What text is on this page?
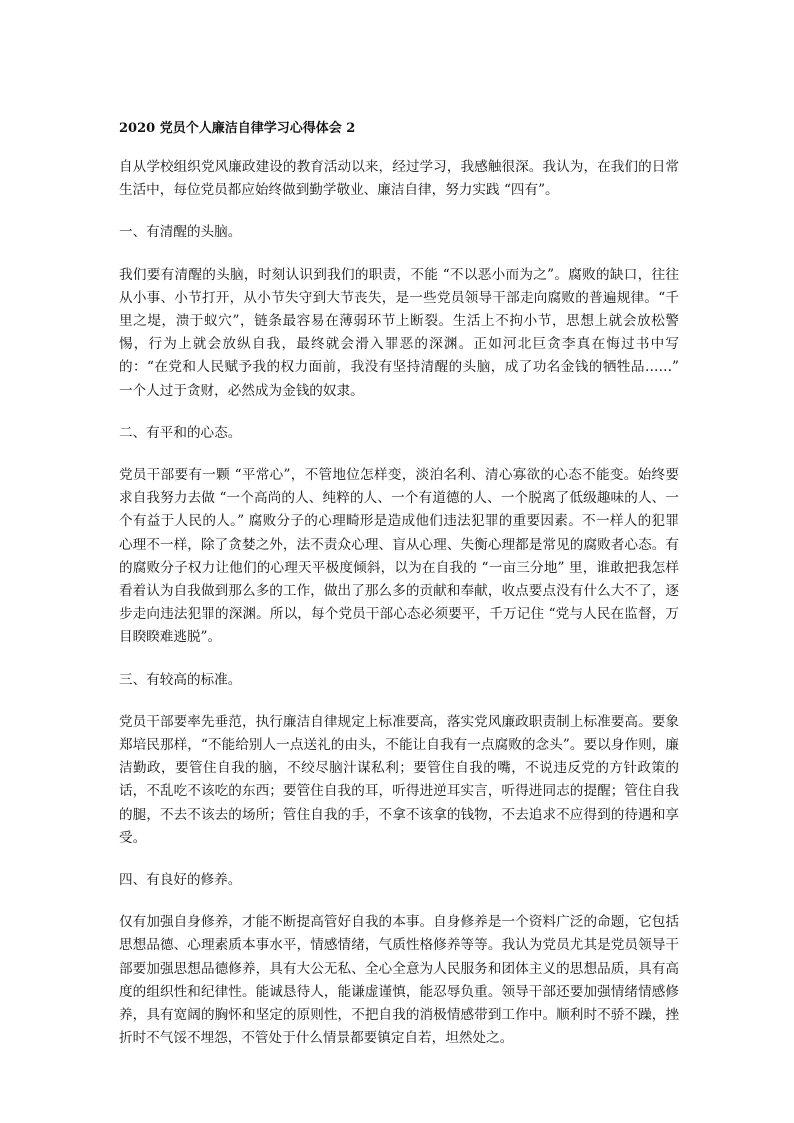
2020 党员个人廉洁自律学习心得体会 2

自从学校组织党风廉政建设的教育活动以来，经过学习，我感触很深。我认为，在我们的日常生活中，每位党员都应始终做到勤学敬业、廉洁自律，努力实践 “四有”。

一、有清醒的头脑。

我们要有清醒的头脑，时刻认识到我们的职责，不能 “不以恶小而为之”。腐败的缺口，往往从小事、小节打开，从小节失守到大节丧失，是一些党员领导干部走向腐败的普遍规律。“千里之堤，溃于蚁穴”，链条最容易在薄弱环节上断裂。生活上不拘小节，思想上就会放松警惕，行为上就会放纵自我，最终就会滑入罪恶的深渊。正如河北巨贪李真在悔过书中写的：“在党和人民赋予我的权力面前，我没有坚持清醒的头脑，成了功名金钱的牺牲品……” 一个人过于贪财，必然成为金钱的奴隶。

二、有平和的心态。

党员干部要有一颗 “平常心”，不管地位怎样变，淡泊名利、清心寡欲的心态不能变。始终要求自我努力去做 “一个高尚的人、纯粹的人、一个有道德的人、一个脱离了低级趣味的人、一个有益于人民的人。” 腐败分子的心理畸形是造成他们违法犯罪的重要因素。不一样人的犯罪心理不一样，除了贪婪之外，法不责众心理、盲从心理、失衡心理都是常见的腐败者心态。有的腐败分子权力让他们的心理天平极度倾斜，以为在自我的 “一亩三分地” 里，谁敢把我怎样看着认为自我做到那么多的工作，做出了那么多的贡献和奉献，收点要点没有什么大不了，逐步走向违法犯罪的深渊。所以，每个党员干部心态必须要平，千万记住 “党与人民在监督，万目睽睽难逃脱”。

三、有较高的标准。

党员干部要率先垂范，执行廉洁自律规定上标准要高，落实党风廉政职责制上标准要高。要象郑培民那样，“不能给别人一点送礼的由头，不能让自我有一点腐败的念头”。要以身作则，廉洁勤政，要管住自我的脑，不绞尽脑汁谋私利；要管住自我的嘴，不说违反党的方针政策的话，不乱吃不该吃的东西；要管住自我的耳，听得进逆耳实言，听得进同志的提醒；管住自我的腿，不去不该去的场所；管住自我的手，不拿不该拿的钱物，不去追求不应得到的待遇和享受。

四、有良好的修养。

仅有加强自身修养，才能不断提高管好自我的本事。自身修养是一个资料广泛的命题，它包括思想品德、心理素质本事水平，情感情绪，气质性格修养等等。我认为党员尤其是党员领导干部要加强思想品德修养，具有大公无私、全心全意为人民服务和团体主义的思想品质，具有高度的组织性和纪律性。能诚恳待人，能谦虚谨慎，能忍辱负重。领导干部还要加强情绪情感修养，具有宽阔的胸怀和坚定的原则性，不把自我的消极情感带到工作中。顺利时不骄不躁，挫折时不气馁不埋怨，不管处于什么情景都要镇定自若，坦然处之。
